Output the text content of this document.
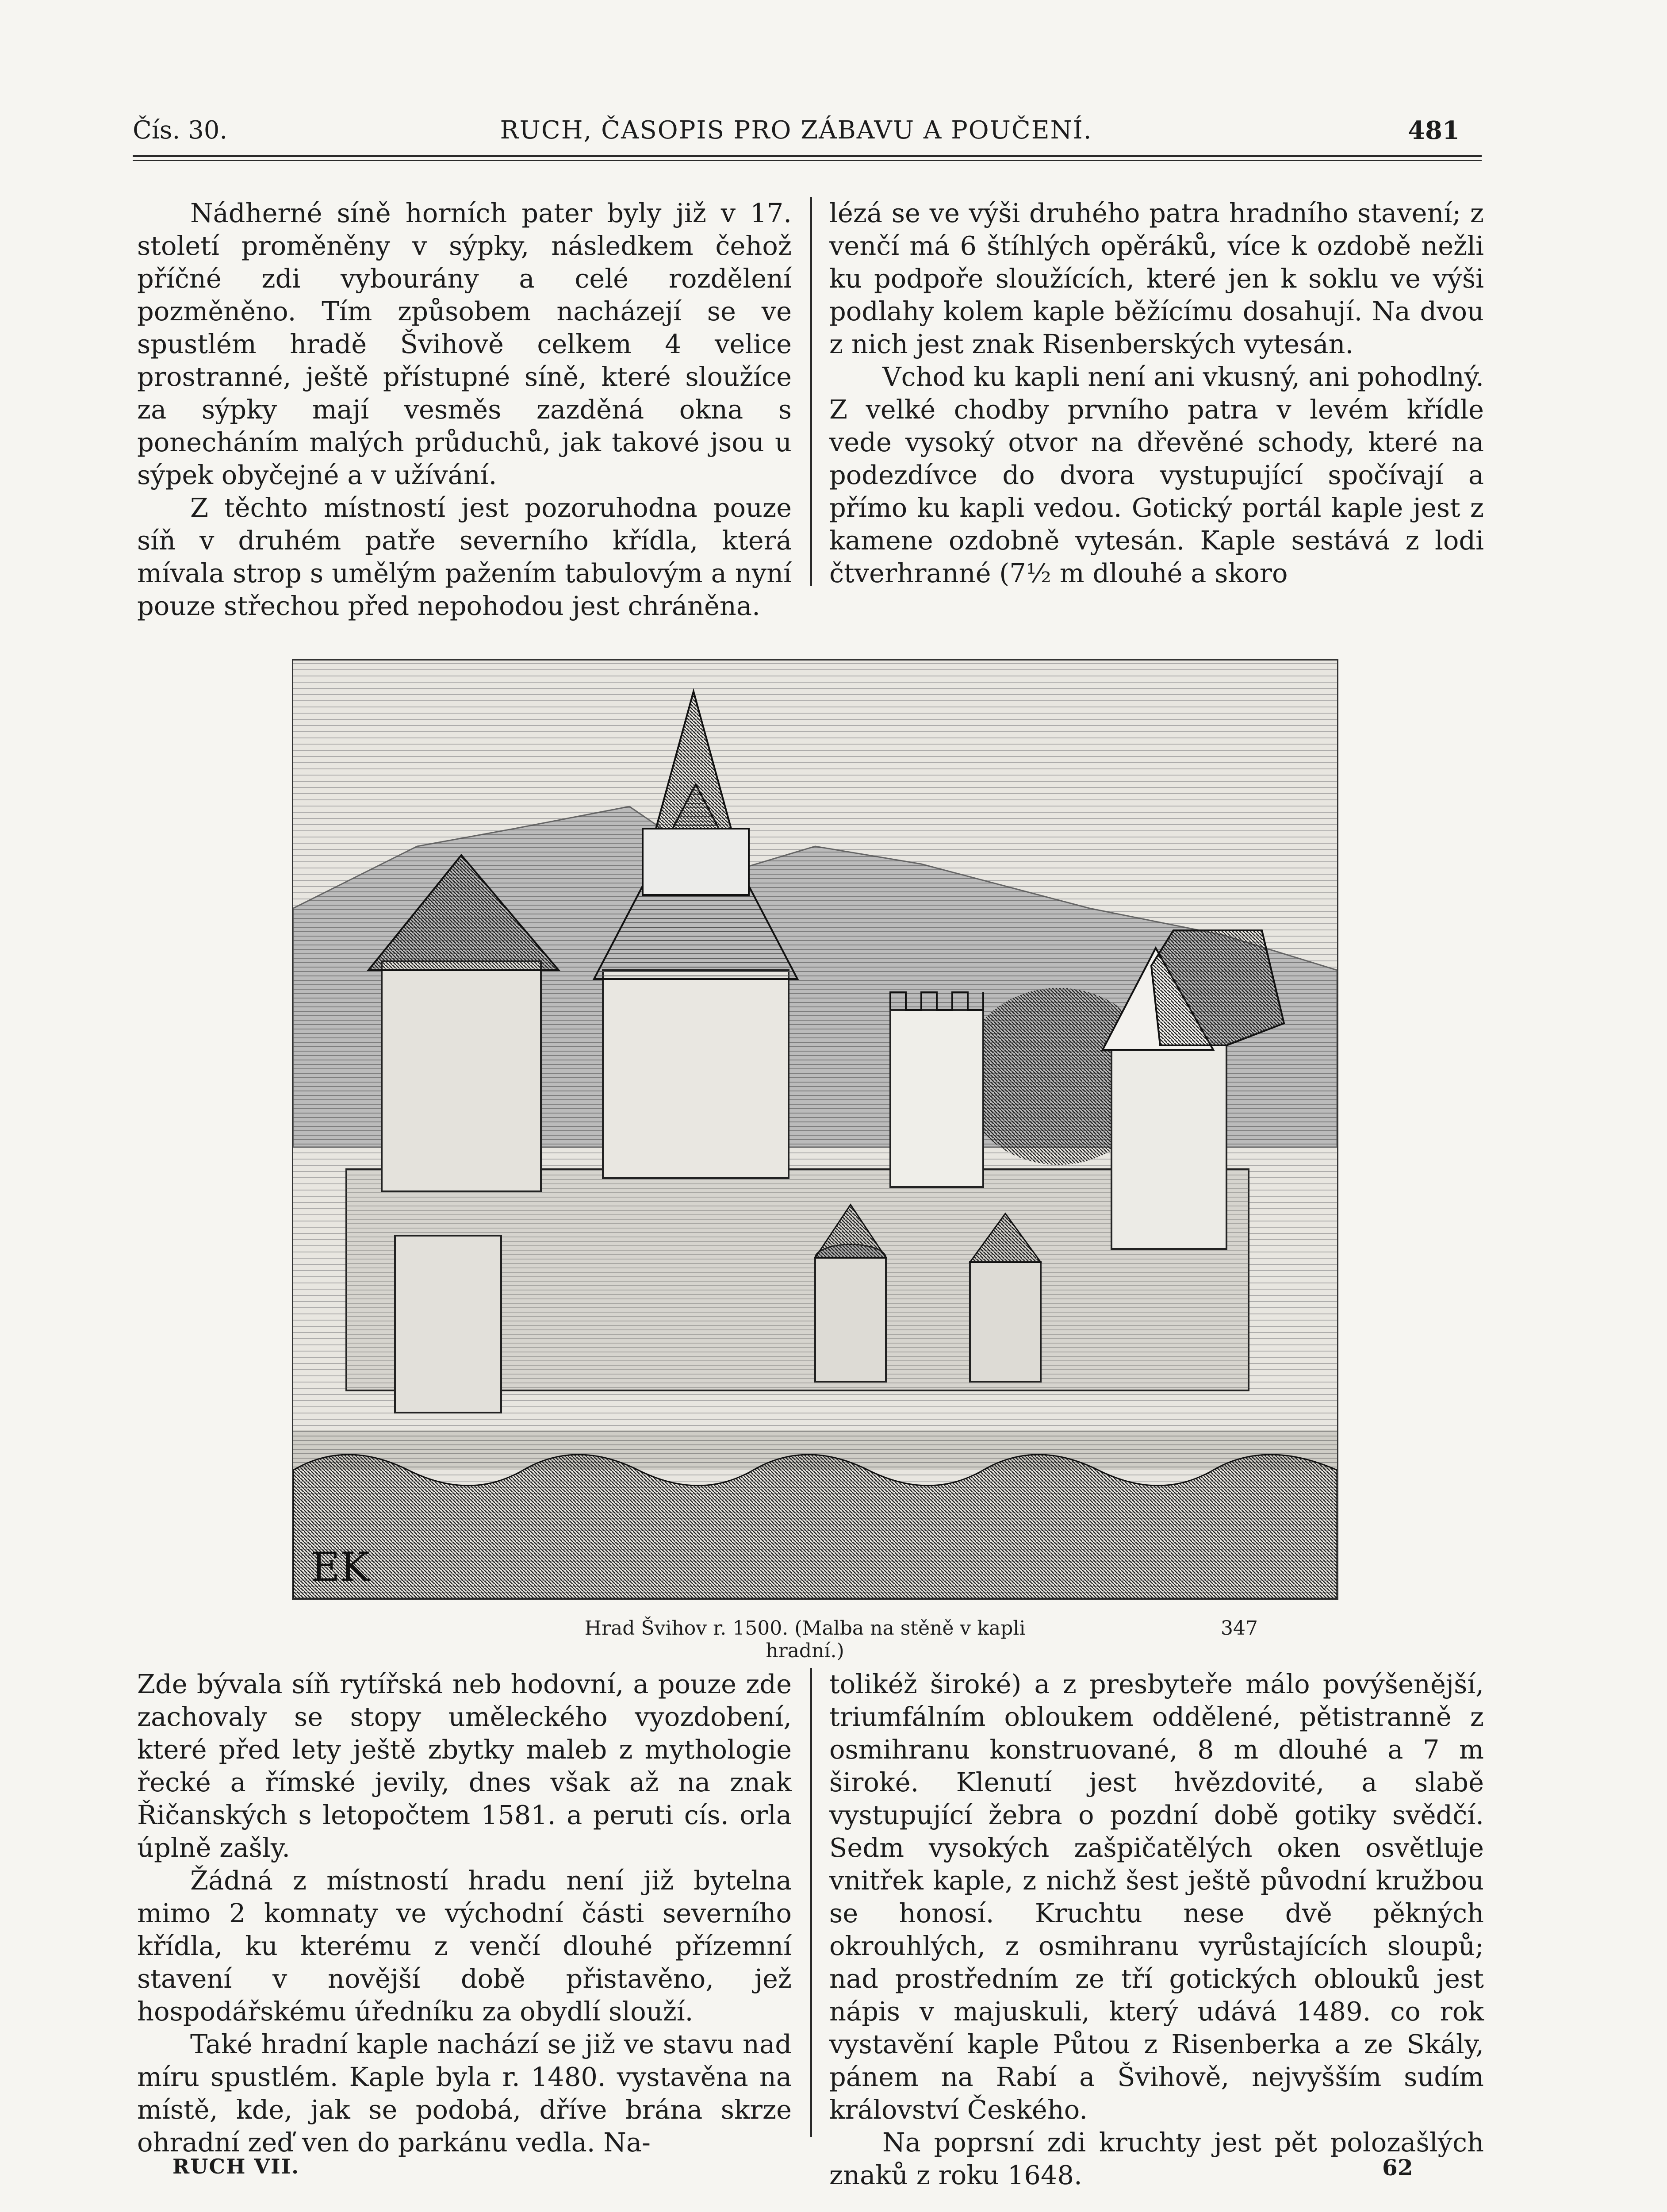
Čís. 30.	RUCH, ČASOPIS PRO ZÁBAVU A POUČENÍ.	481

Nádherné síně horních pater byly již v 17. století proměněny v sýpky, následkem čehož příčné zdi vybourány a celé rozdělení pozměněno. Tím způsobem nacházejí se ve spustlém hradě Švihově celkem 4 velice prostranné, ještě přístupné síně, které sloužíce za sýpky mají vesměs zazděná okna s ponecháním malých průduchů, jak takové jsou u sýpek obyčejné a v užívání.

Z těchto místností jest pozoruhodna pouze síň v druhém patře severního křídla, která mívala strop s umělým pažením tabulovým a nyní pouze střechou před nepohodou jest chráněna.

lézá se ve výši druhého patra hradního stavení; z venčí má 6 štíhlých opěráků, více k ozdobě nežli ku podpoře sloužících, které jen k soklu ve výši podlahy kolem kaple běžícímu dosahují. Na dvou z nich jest znak Risenberských vytesán.

Vchod ku kapli není ani vkusný, ani pohodlný. Z velké chodby prvního patra v levém křídle vede vysoký otvor na dřevěné schody, které na podezdívce do dvora vystupující spočívají a přímo ku kapli vedou. Gotický portál kaple jest z kamene ozdobně vytesán. Kaple sestává z lodi čtverhranné (7½ m dlouhé a skoro

EK
Hrad Švihov r. 1500. (Malba na stěně v kapli hradní.)
347

Zde bývala síň rytířská neb hodovní, a pouze zde zachovaly se stopy uměleckého vyozdobení, které před lety ještě zbytky maleb z mythologie řecké a římské jevily, dnes však až na znak Řičanských s letopočtem 1581. a peruti cís. orla úplně zašly.

Žádná z místností hradu není již bytelna mimo 2 komnaty ve východní části severního křídla, ku kterému z venčí dlouhé přízemní stavení v novější době přistavěno, jež hospodářskému úředníku za obydlí slouží.

Také hradní kaple nachází se již ve stavu nad míru spustlém. Kaple byla r. 1480. vystavěna na místě, kde, jak se podobá, dříve brána skrze ohradní zeď ven do parkánu vedla. Na-

tolikéž široké) a z presbyteře málo povýšenější, triumfálním obloukem oddělené, pětistranně z osmihranu konstruované, 8 m dlouhé a 7 m široké. Klenutí jest hvězdovité, a slabě vystupující žebra o pozdní době gotiky svědčí. Sedm vysokých zašpičatělých oken osvětluje vnitřek kaple, z nichž šest ještě původní kružbou se honosí. Kruchtu nese dvě pěkných okrouhlých, z osmihranu vyrůstajících sloupů; nad prostředním ze tří gotických oblouků jest nápis v majuskuli, který udává 1489. co rok vystavění kaple Půtou z Risenberka a ze Skály, pánem na Rabí a Švihově, nejvyšším sudím království Českého.

Na poprsní zdi kruchty jest pět polozašlých znaků z roku 1648.

RUCH VII.	62
